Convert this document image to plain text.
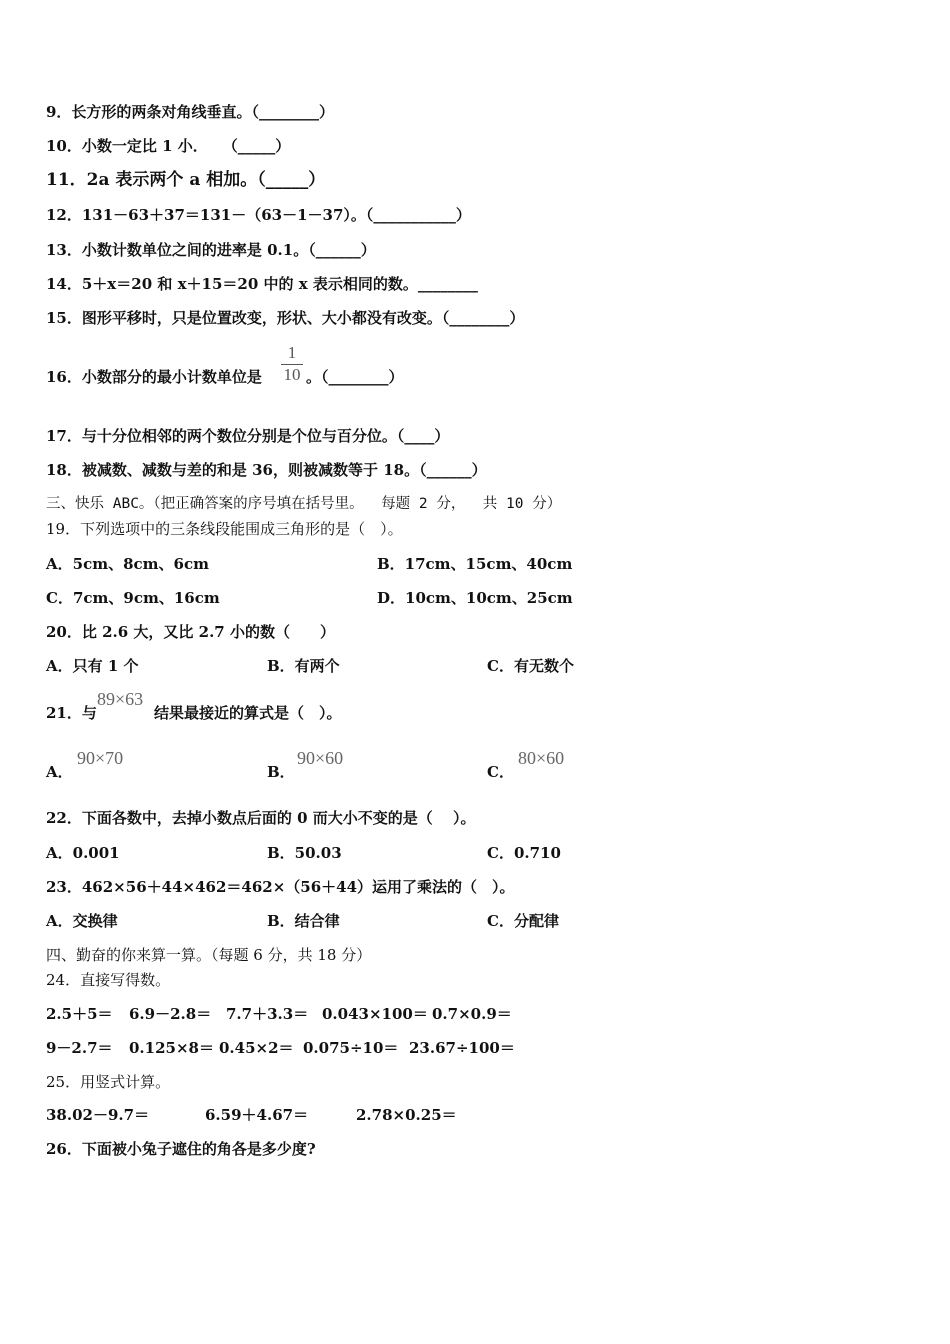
9．长方形的两条对角线垂直。（________）
10．小数一定比 1 小．　　（_____）
11．2a 表示两个 a 相加。（_____）
12．131－63＋37＝131－（63－1－37）。（___________）
13．小数计数单位之间的进率是 0.1。（______）
14．5＋x＝20 和 x＋15＝20 中的 x 表示相同的数。________
15．图形平移时，只是位置改变，形状、大小都没有改变。（________）
16．小数部分的最小计数单位是
1
10 。（________）
17．与十分位相邻的两个数位分别是个位与百分位。（____）
18．被减数、减数与差的和是 36，则被减数等于 18。（______）
三、快乐 ABC。（把正确答案的序号填在括号里。  每题 2 分，  共 10 分）
19．下列选项中的三条线段能围成三角形的是（　）。
A．5cm、8cm、6cm	B．17cm、15cm、40cm
C．7cm、9cm、16cm	D．10cm、10cm、25cm
20．比 2.6 大，又比 2.7 小的数（　　）
A．只有 1 个	B．有两个	C．有无数个
21．与
89×63
结果最接近的算式是（　）。
A．
90×70
B．
90×60
C．
80×60
22．下面各数中，去掉小数点后面的 0 而大小不变的是（　 ）。
A．0.001	B．50.03	C．0.710
23．462×56＋44×462＝462×（56＋44）运用了乘法的（　）。
A．交换律	B．结合律	C．分配律
四、勤奋的你来算一算。（每题 6 分，共 18 分）
24．直接写得数。
2.5＋5＝ 6.9－2.8＝ 7.7＋3.3＝ 0.043×100＝ 0.7×0.9＝
9－2.7＝ 0.125×8＝ 0.45×2＝ 0.075÷10＝ 23.67÷100＝
25．用竖式计算。
38.02－9.7＝	6.59＋4.67＝	2.78×0.25＝
26．下面被小兔子遮住的角各是多少度?
